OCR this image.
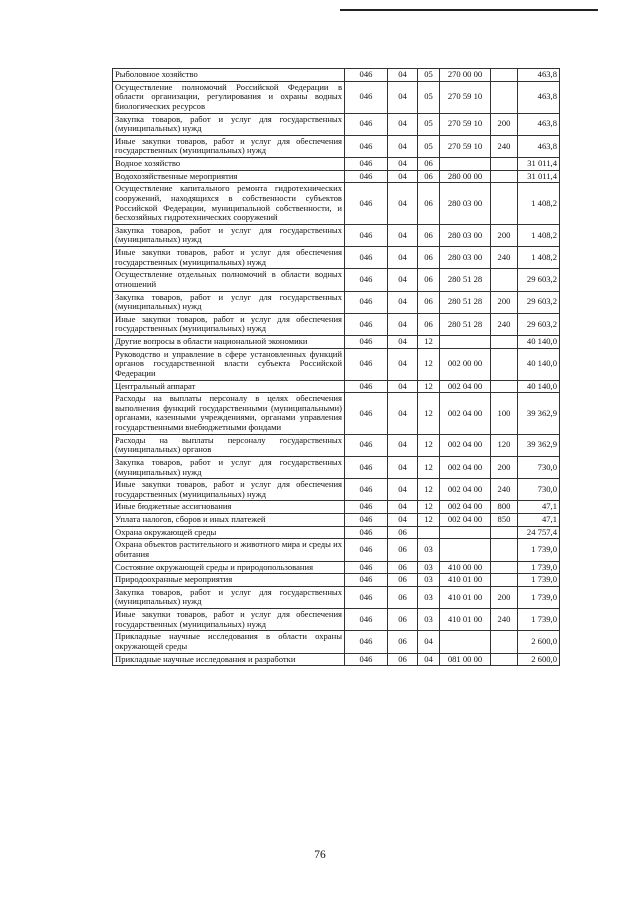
Рыболовное хозяйство	046	04	05	270 00 00		463,8
Осуществление полномочий Российской Федерации в области организации, регулирования и охраны водных биологических ресурсов	046	04	05	270 59 10		463,8
Закупка товаров, работ и услуг для государственных (муниципальных) нужд	046	04	05	270 59 10	200	463,8
Иные закупки товаров, работ и услуг для обеспечения государственных (муниципальных) нужд	046	04	05	270 59 10	240	463,8
Водное хозяйство	046	04	06			31 011,4
Водохозяйственные мероприятия	046	04	06	280 00 00		31 011,4
Осуществление капитального ремонта гидротехнических сооружений, находящихся в собственности субъектов Российской Федерации, муниципальной собственности, и бесхозяйных гидротехнических сооружений	046	04	06	280 03 00		1 408,2
Закупка товаров, работ и услуг для государственных (муниципальных) нужд	046	04	06	280 03 00	200	1 408,2
Иные закупки товаров, работ и услуг для обеспечения государственных (муниципальных) нужд	046	04	06	280 03 00	240	1 408,2
Осуществление отдельных полномочий в области водных отношений	046	04	06	280 51 28		29 603,2
Закупка товаров, работ и услуг для государственных (муниципальных) нужд	046	04	06	280 51 28	200	29 603,2
Иные закупки товаров, работ и услуг для обеспечения государственных (муниципальных) нужд	046	04	06	280 51 28	240	29 603,2
Другие вопросы в области национальной экономики	046	04	12			40 140,0
Руководство и управление в сфере установленных функций органов государственной власти субъекта Российской Федерации	046	04	12	002 00 00		40 140,0
Центральный аппарат	046	04	12	002 04 00		40 140,0
Расходы на выплаты персоналу в целях обеспечения выполнения функций государственными (муниципальными) органами, казенными учреждениями, органами управления государственными внебюджетными фондами	046	04	12	002 04 00	100	39 362,9
Расходы на выплаты персоналу государственных (муниципальных) органов	046	04	12	002 04 00	120	39 362,9
Закупка товаров, работ и услуг для государственных (муниципальных) нужд	046	04	12	002 04 00	200	730,0
Иные закупки товаров, работ и услуг для обеспечения государственных (муниципальных) нужд	046	04	12	002 04 00	240	730,0
Иные бюджетные ассигнования	046	04	12	002 04 00	800	47,1
Уплата налогов, сборов и иных платежей	046	04	12	002 04 00	850	47,1
Охрана окружающей среды	046	06				24 757,4
Охрана объектов растительного и животного мира и среды их обитания	046	06	03			1 739,0
Состояние окружающей среды и природопользования	046	06	03	410 00 00		1 739,0
Природоохранные мероприятия	046	06	03	410 01 00		1 739,0
Закупка товаров, работ и услуг для государственных (муниципальных) нужд	046	06	03	410 01 00	200	1 739,0
Иные закупки товаров, работ и услуг для обеспечения государственных (муниципальных) нужд	046	06	03	410 01 00	240	1 739,0
Прикладные научные исследования в области охраны окружающей среды	046	06	04			2 600,0
Прикладные научные исследования и разработки	046	06	04	081 00 00		2 600,0
76
